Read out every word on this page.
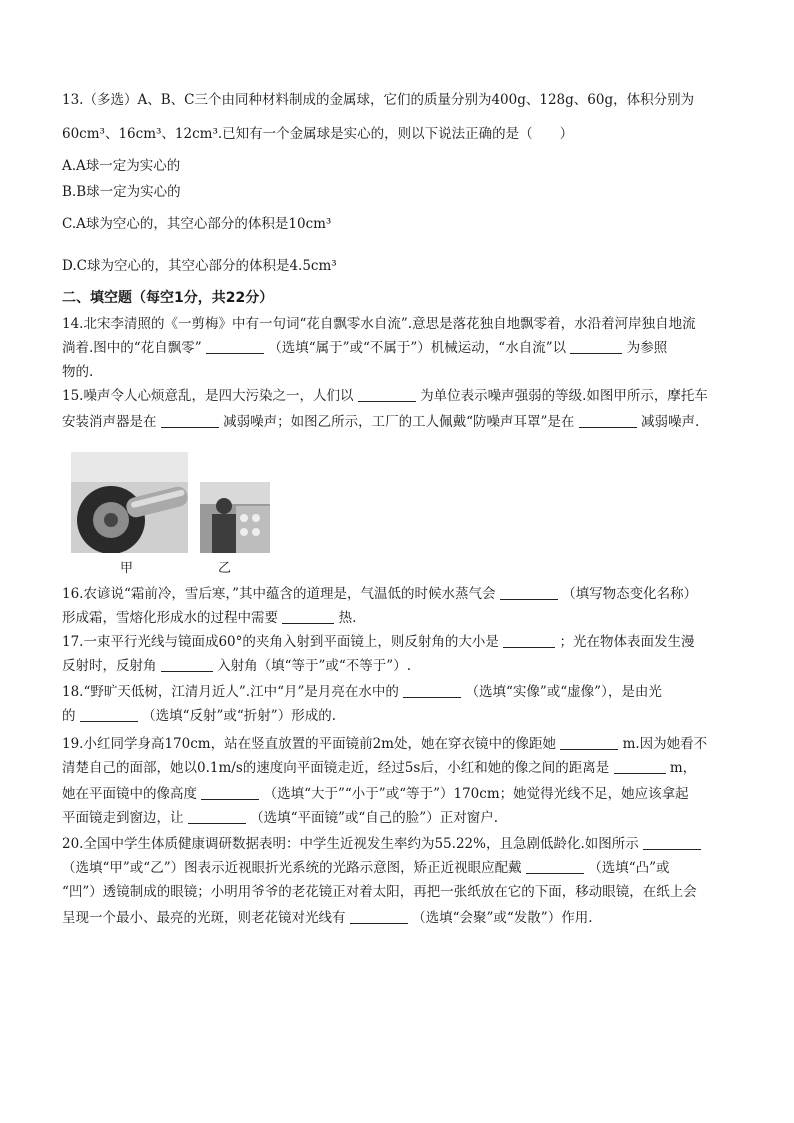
13.（多选）A、B、C三个由同种材料制成的金属球，它们的质量分别为400g、128g、60g，体积分别为
60cm³、16cm³、12cm³.已知有一个金属球是实心的，则以下说法正确的是（　　）
A.A球一定为实心的
B.B球一定为实心的
C.A球为空心的，其空心部分的体积是10cm³
D.C球为空心的，其空心部分的体积是4.5cm³
二、填空题（每空1分，共22分）
14.北宋李清照的《一剪梅》中有一句词“花自飘零水自流”.意思是落花独自地飘零着，水沿着河岸独自地流
淌着.图中的“花自飘零”	（选填“属于”或“不属于”）机械运动，“水自流”以	为参照
物的.
15.噪声令人心烦意乱，是四大污染之一，人们以	为单位表示噪声强弱的等级.如图甲所示，摩托车
安装消声器是在	减弱噪声；如图乙所示，工厂的工人佩戴“防噪声耳罩”是在	减弱噪声.
甲	乙
16.农谚说“霜前冷，雪后寒，”其中蕴含的道理是，气温低的时候水蒸气会	（填写物态变化名称）
形成霜，雪熔化形成水的过程中需要	热.
17.一束平行光线与镜面成60°的夹角入射到平面镜上，则反射角的大小是	；光在物体表面发生漫
反射时，反射角	入射角（填“等于”或“不等于”）.
18.“野旷天低树，江清月近人”.江中“月”是月亮在水中的	（选填“实像”或“虚像”），是由光
的	（选填“反射”或“折射”）形成的.
19.小红同学身高170cm，站在竖直放置的平面镜前2m处，她在穿衣镜中的像距她	m.因为她看不
清楚自己的面部，她以0.1m/s的速度向平面镜走近，经过5s后，小红和她的像之间的距离是	m，
她在平面镜中的像高度	（选填“大于”“小于”或“等于”）170cm；她觉得光线不足，她应该拿起
平面镜走到窗边，让	（选填“平面镜”或“自己的脸”）正对窗户.
20.全国中学生体质健康调研数据表明：中学生近视发生率约为55.22%，且急剧低龄化.如图所示
（选填“甲”或“乙”）图表示近视眼折光系统的光路示意图，矫正近视眼应配戴	（选填“凸”或
“凹”）透镜制成的眼镜；小明用爷爷的老花镜正对着太阳，再把一张纸放在它的下面，移动眼镜，在纸上会
呈现一个最小、最亮的光斑，则老花镜对光线有	（选填“会聚”或“发散”）作用.
